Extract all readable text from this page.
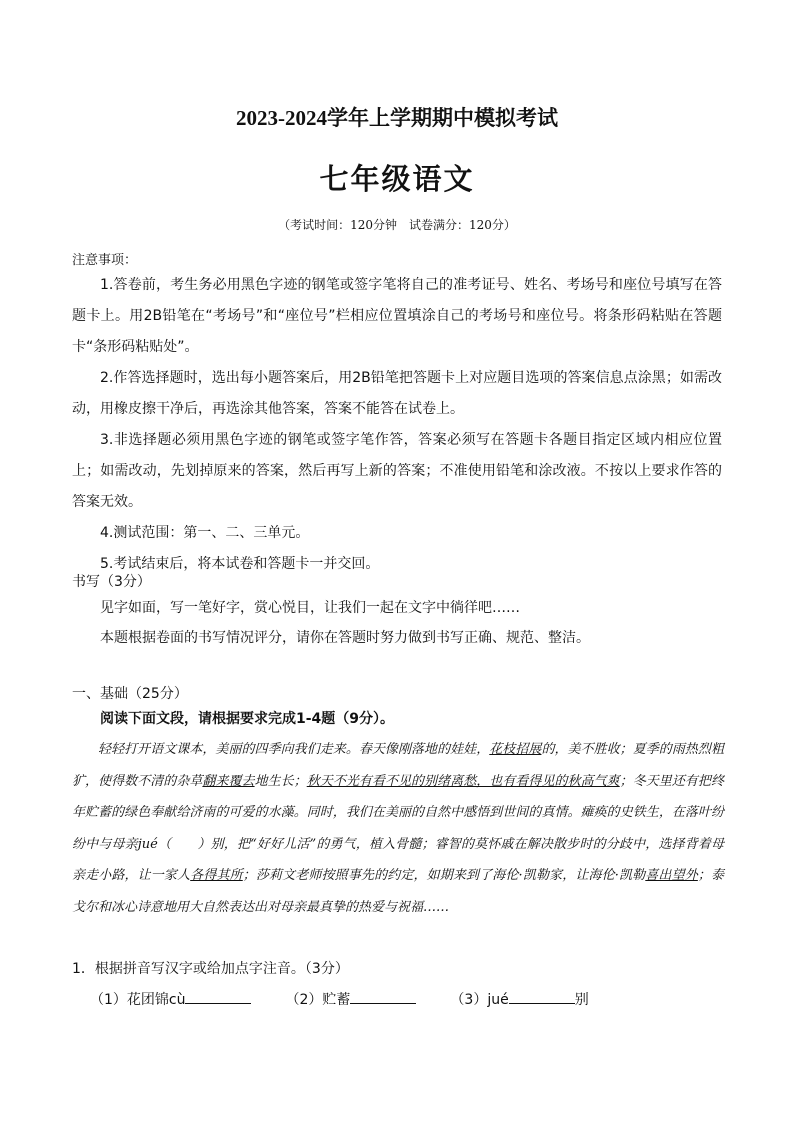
2023-2024学年上学期期中模拟考试
七年级语文
（考试时间：120分钟　试卷满分：120分）
注意事项：

1.答卷前，考生务必用黑色字迹的钢笔或签字笔将自己的准考证号、姓名、考场号和座位号填写在答题卡上。用2B铅笔在“考场号”和“座位号”栏相应位置填涂自己的考场号和座位号。将条形码粘贴在答题卡“条形码粘贴处”。

2.作答选择题时，选出每小题答案后，用2B铅笔把答题卡上对应题目选项的答案信息点涂黑；如需改动，用橡皮擦干净后，再选涂其他答案，答案不能答在试卷上。

3.非选择题必须用黑色字迹的钢笔或签字笔作答，答案必须写在答题卡各题目指定区域内相应位置上；如需改动，先划掉原来的答案，然后再写上新的答案；不准使用铅笔和涂改液。不按以上要求作答的答案无效。

4.测试范围：第一、二、三单元。

5.考试结束后，将本试卷和答题卡一并交回。

书写（3分）
见字如面，写一笔好字，赏心悦目，让我们一起在文字中徜徉吧……
本题根据卷面的书写情况评分，请你在答题时努力做到书写正确、规范、整洁。
一、基础（25分）
阅读下面文段，请根据要求完成1-4题（9分）。
轻轻打开语文课本，美丽的四季向我们走来。春天像刚落地的娃娃，花枝招展的，美不胜收；夏季的雨热烈粗犷，使得数不清的杂草翻来覆去地生长；秋天不光有看不见的别绪离愁，也有看得见的秋高气爽；冬天里还有把终年贮蓄的绿色奉献给济南的可爱的水藻。同时，我们在美丽的自然中感悟到世间的真情。瘫痪的史铁生，在落叶纷纷中与母亲jué（　　）别，把“好好儿活”的勇气，植入骨髓；睿智的莫怀戚在解决散步时的分歧中，选择背着母亲走小路，让一家人各得其所；莎莉文老师按照事先的约定，如期来到了海伦·凯勒家，让海伦·凯勒喜出望外；泰戈尔和冰心诗意地用大自然表达出对母亲最真挚的热爱与祝福……
1．根据拼音写汉字或给加点字注音。（3分）
（1）花团锦cù	（2）贮蓄	（3）jué	别
